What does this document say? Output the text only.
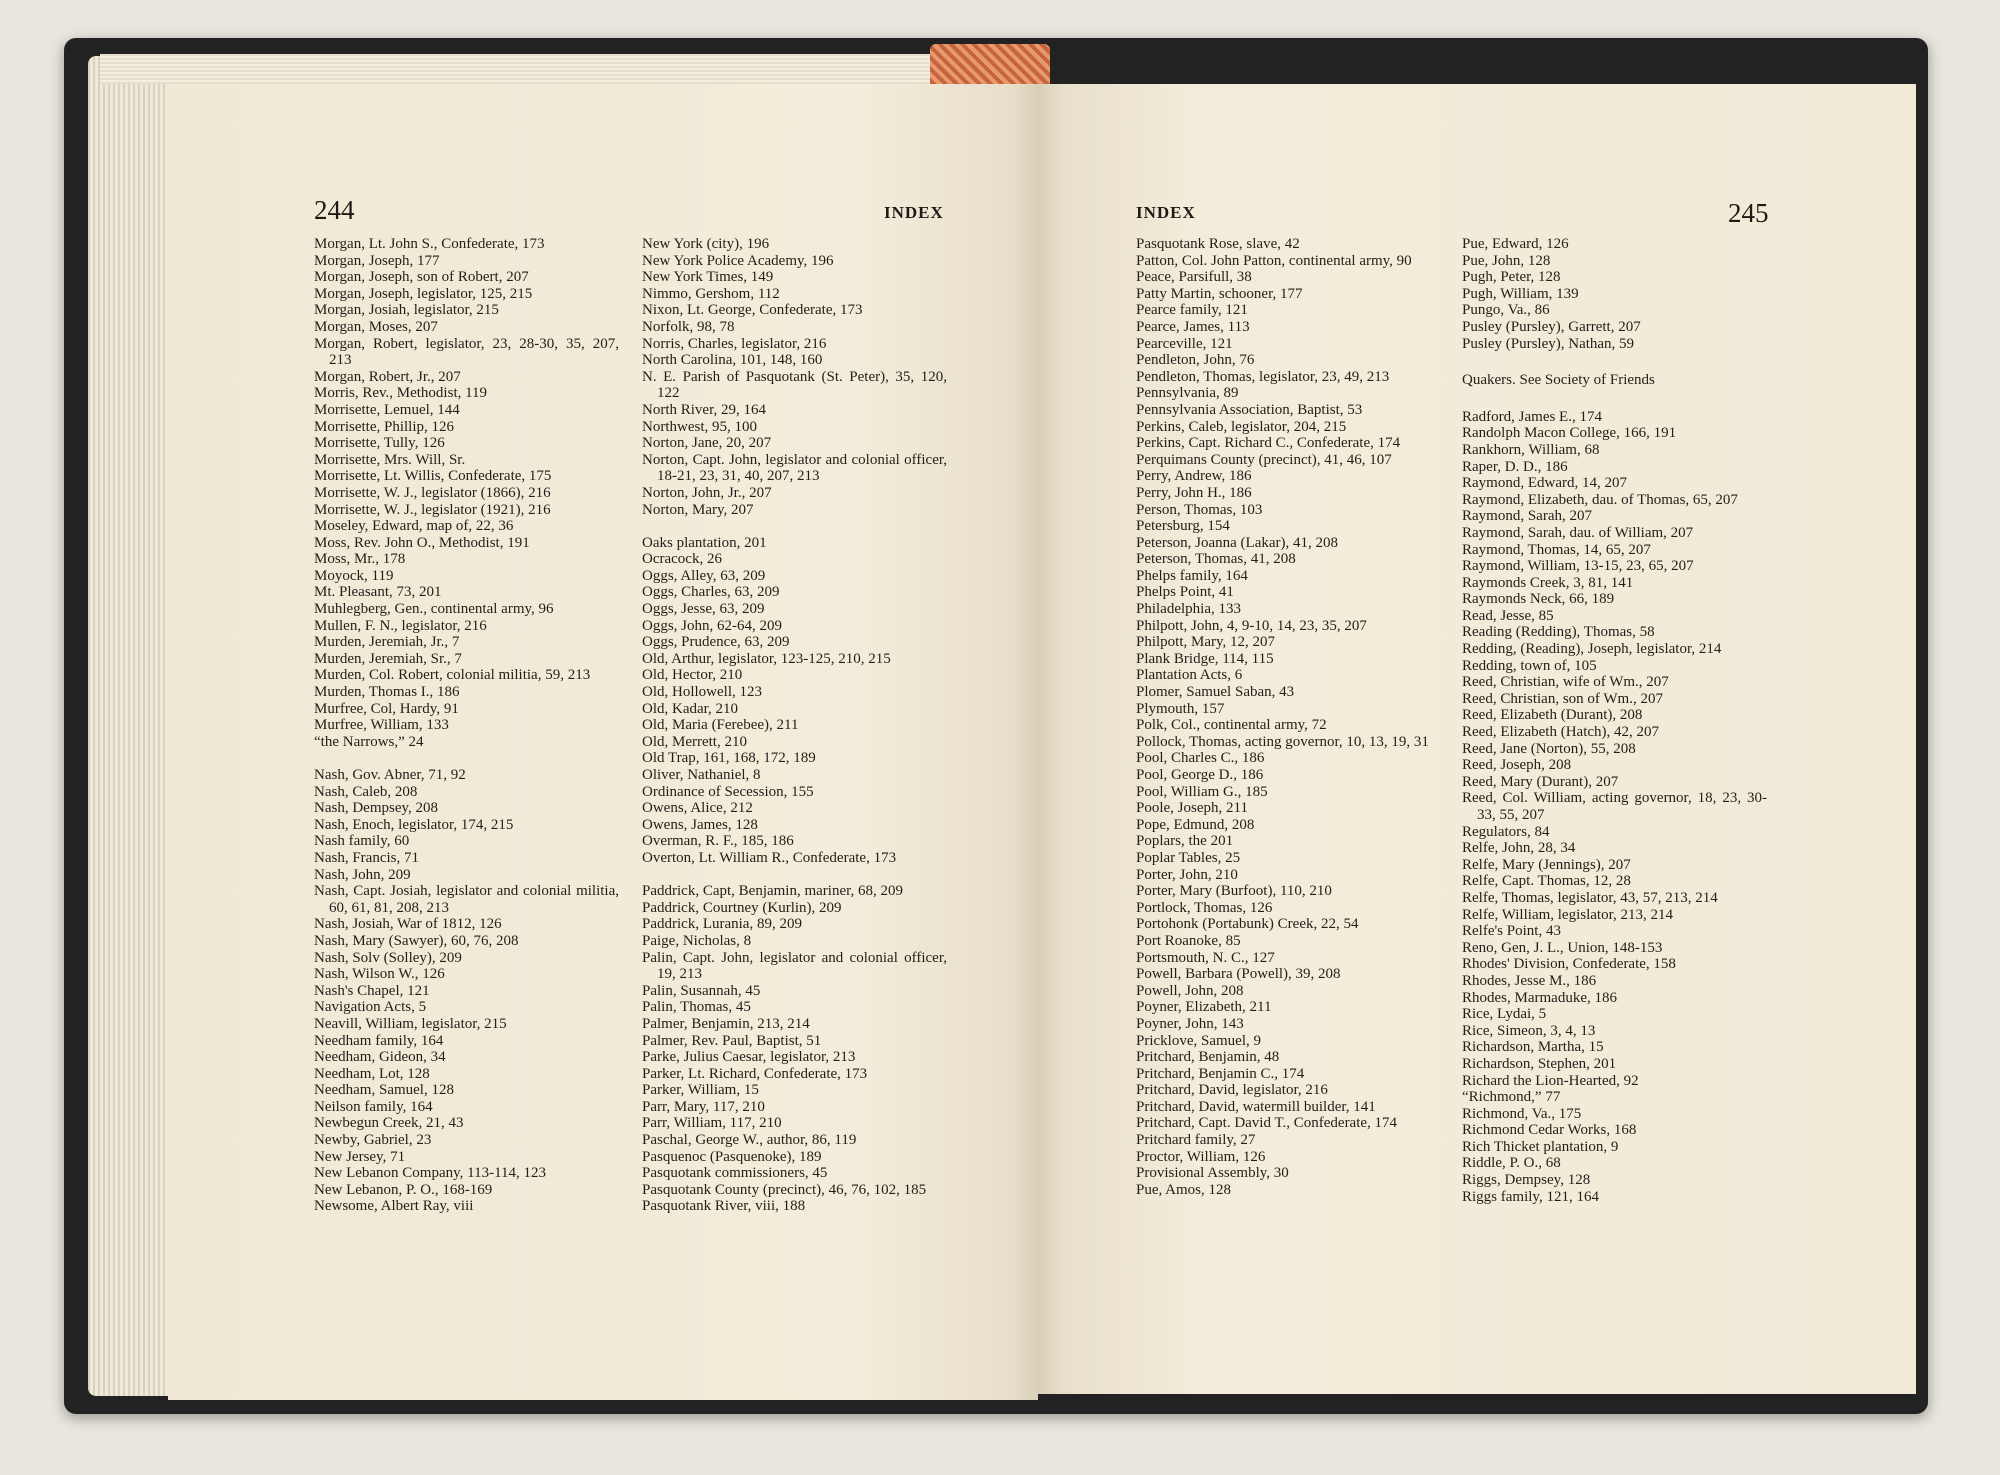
244	INDEX	INDEX	245
Morgan, Lt. John S., Confederate, 173
Morgan, Joseph, 177
Morgan, Joseph, son of Robert, 207
Morgan, Joseph, legislator, 125, 215
Morgan, Josiah, legislator, 215
Morgan, Moses, 207
Morgan, Robert, legislator, 23, 28-30, 35, 207, 213
Morgan, Robert, Jr., 207
Morris, Rev., Methodist, 119
Morrisette, Lemuel, 144
Morrisette, Phillip, 126
Morrisette, Tully, 126
Morrisette, Mrs. Will, Sr.
Morrisette, Lt. Willis, Confederate, 175
Morrisette, W. J., legislator (1866), 216
Morrisette, W. J., legislator (1921), 216
Moseley, Edward, map of, 22, 36
Moss, Rev. John O., Methodist, 191
Moss, Mr., 178
Moyock, 119
Mt. Pleasant, 73, 201
Muhlegberg, Gen., continental army, 96
Mullen, F. N., legislator, 216
Murden, Jeremiah, Jr., 7
Murden, Jeremiah, Sr., 7
Murden, Col. Robert, colonial militia, 59, 213
Murden, Thomas I., 186
Murfree, Col, Hardy, 91
Murfree, William, 133
“the Narrows,” 24
Nash, Gov. Abner, 71, 92
Nash, Caleb, 208
Nash, Dempsey, 208
Nash, Enoch, legislator, 174, 215
Nash family, 60
Nash, Francis, 71
Nash, John, 209
Nash, Capt. Josiah, legislator and colonial militia, 60, 61, 81, 208, 213
Nash, Josiah, War of 1812, 126
Nash, Mary (Sawyer), 60, 76, 208
Nash, Solv (Solley), 209
Nash, Wilson W., 126
Nash's Chapel, 121
Navigation Acts, 5
Neavill, William, legislator, 215
Needham family, 164
Needham, Gideon, 34
Needham, Lot, 128
Needham, Samuel, 128
Neilson family, 164
Newbegun Creek, 21, 43
Newby, Gabriel, 23
New Jersey, 71
New Lebanon Company, 113-114, 123
New Lebanon, P. O., 168-169
Newsome, Albert Ray, viii
New York (city), 196
New York Police Academy, 196
New York Times, 149
Nimmo, Gershom, 112
Nixon, Lt. George, Confederate, 173
Norfolk, 98, 78
Norris, Charles, legislator, 216
North Carolina, 101, 148, 160
N. E. Parish of Pasquotank (St. Peter), 35, 120, 122
North River, 29, 164
Northwest, 95, 100
Norton, Jane, 20, 207
Norton, Capt. John, legislator and colonial officer, 18-21, 23, 31, 40, 207, 213
Norton, John, Jr., 207
Norton, Mary, 207
Oaks plantation, 201
Ocracock, 26
Oggs, Alley, 63, 209
Oggs, Charles, 63, 209
Oggs, Jesse, 63, 209
Oggs, John, 62-64, 209
Oggs, Prudence, 63, 209
Old, Arthur, legislator, 123-125, 210, 215
Old, Hector, 210
Old, Hollowell, 123
Old, Kadar, 210
Old, Maria (Ferebee), 211
Old, Merrett, 210
Old Trap, 161, 168, 172, 189
Oliver, Nathaniel, 8
Ordinance of Secession, 155
Owens, Alice, 212
Owens, James, 128
Overman, R. F., 185, 186
Overton, Lt. William R., Confederate, 173
Paddrick, Capt, Benjamin, mariner, 68, 209
Paddrick, Courtney (Kurlin), 209
Paddrick, Lurania, 89, 209
Paige, Nicholas, 8
Palin, Capt. John, legislator and colonial officer, 19, 213
Palin, Susannah, 45
Palin, Thomas, 45
Palmer, Benjamin, 213, 214
Palmer, Rev. Paul, Baptist, 51
Parke, Julius Caesar, legislator, 213
Parker, Lt. Richard, Confederate, 173
Parker, William, 15
Parr, Mary, 117, 210
Parr, William, 117, 210
Paschal, George W., author, 86, 119
Pasquenoc (Pasquenoke), 189
Pasquotank commissioners, 45
Pasquotank County (precinct), 46, 76, 102, 185
Pasquotank River, viii, 188
Pasquotank Rose, slave, 42
Patton, Col. John Patton, continental army, 90
Peace, Parsifull, 38
Patty Martin, schooner, 177
Pearce family, 121
Pearce, James, 113
Pearceville, 121
Pendleton, John, 76
Pendleton, Thomas, legislator, 23, 49, 213
Pennsylvania, 89
Pennsylvania Association, Baptist, 53
Perkins, Caleb, legislator, 204, 215
Perkins, Capt. Richard C., Confederate, 174
Perquimans County (precinct), 41, 46, 107
Perry, Andrew, 186
Perry, John H., 186
Person, Thomas, 103
Petersburg, 154
Peterson, Joanna (Lakar), 41, 208
Peterson, Thomas, 41, 208
Phelps family, 164
Phelps Point, 41
Philadelphia, 133
Philpott, John, 4, 9-10, 14, 23, 35, 207
Philpott, Mary, 12, 207
Plank Bridge, 114, 115
Plantation Acts, 6
Plomer, Samuel Saban, 43
Plymouth, 157
Polk, Col., continental army, 72
Pollock, Thomas, acting governor, 10, 13, 19, 31
Pool, Charles C., 186
Pool, George D., 186
Pool, William G., 185
Poole, Joseph, 211
Pope, Edmund, 208
Poplars, the 201
Poplar Tables, 25
Porter, John, 210
Porter, Mary (Burfoot), 110, 210
Portlock, Thomas, 126
Portohonk (Portabunk) Creek, 22, 54
Port Roanoke, 85
Portsmouth, N. C., 127
Powell, Barbara (Powell), 39, 208
Powell, John, 208
Poyner, Elizabeth, 211
Poyner, John, 143
Pricklove, Samuel, 9
Pritchard, Benjamin, 48
Pritchard, Benjamin C., 174
Pritchard, David, legislator, 216
Pritchard, David, watermill builder, 141
Pritchard, Capt. David T., Confederate, 174
Pritchard family, 27
Proctor, William, 126
Provisional Assembly, 30
Pue, Amos, 128
Pue, Edward, 126
Pue, John, 128
Pugh, Peter, 128
Pugh, William, 139
Pungo, Va., 86
Pusley (Pursley), Garrett, 207
Pusley (Pursley), Nathan, 59
Quakers. See Society of Friends
Radford, James E., 174
Randolph Macon College, 166, 191
Rankhorn, William, 68
Raper, D. D., 186
Raymond, Edward, 14, 207
Raymond, Elizabeth, dau. of Thomas, 65, 207
Raymond, Sarah, 207
Raymond, Sarah, dau. of William, 207
Raymond, Thomas, 14, 65, 207
Raymond, William, 13-15, 23, 65, 207
Raymonds Creek, 3, 81, 141
Raymonds Neck, 66, 189
Read, Jesse, 85
Reading (Redding), Thomas, 58
Redding, (Reading), Joseph, legislator, 214
Redding, town of, 105
Reed, Christian, wife of Wm., 207
Reed, Christian, son of Wm., 207
Reed, Elizabeth (Durant), 208
Reed, Elizabeth (Hatch), 42, 207
Reed, Jane (Norton), 55, 208
Reed, Joseph, 208
Reed, Mary (Durant), 207
Reed, Col. William, acting governor, 18, 23, 30-33, 55, 207
Regulators, 84
Relfe, John, 28, 34
Relfe, Mary (Jennings), 207
Relfe, Capt. Thomas, 12, 28
Relfe, Thomas, legislator, 43, 57, 213, 214
Relfe, William, legislator, 213, 214
Relfe's Point, 43
Reno, Gen, J. L., Union, 148-153
Rhodes' Division, Confederate, 158
Rhodes, Jesse M., 186
Rhodes, Marmaduke, 186
Rice, Lydai, 5
Rice, Simeon, 3, 4, 13
Richardson, Martha, 15
Richardson, Stephen, 201
Richard the Lion-Hearted, 92
“Richmond,” 77
Richmond, Va., 175
Richmond Cedar Works, 168
Rich Thicket plantation, 9
Riddle, P. O., 68
Riggs, Dempsey, 128
Riggs family, 121, 164
